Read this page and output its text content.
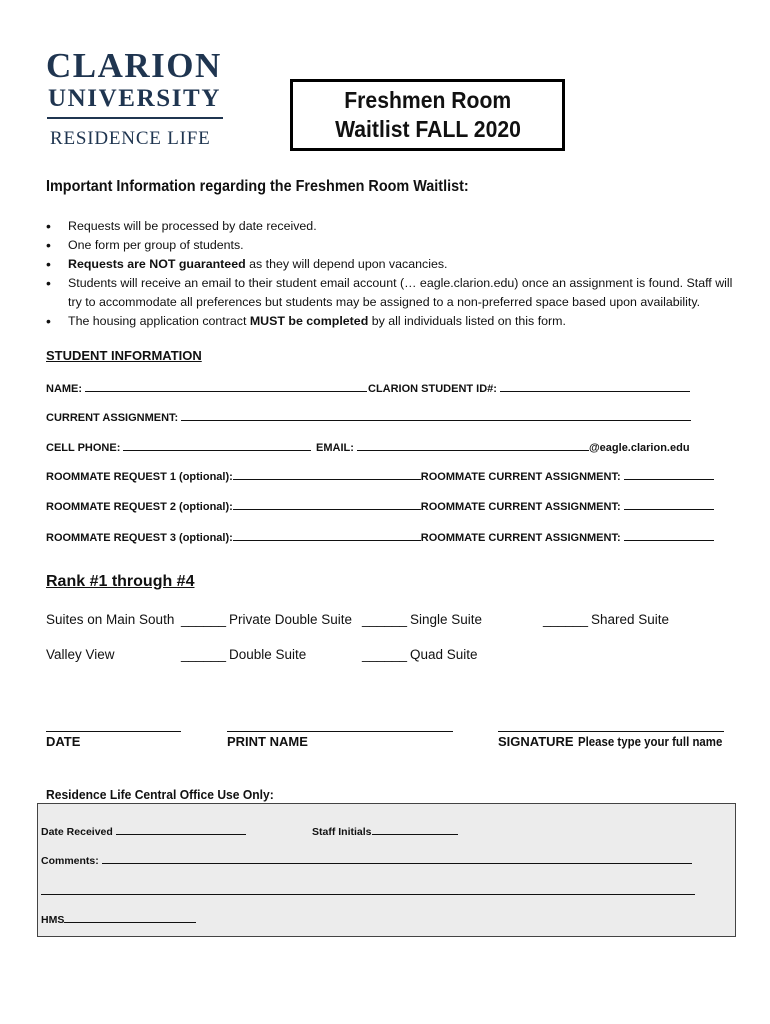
CLARION
UNIVERSITY
RESIDENCE LIFE
Freshmen Room
Waitlist FALL 2020
Important Information regarding the Freshmen Room Waitlist:
• Requests will be processed by date received.
• One form per group of students.
• Requests are NOT guaranteed as they will depend upon vacancies.
• Students will receive an email to their student email account (… eagle.clarion.edu) once an assignment is found. Staff will try to accommodate all preferences but students may be assigned to a non-preferred space based upon availability.
• The housing application contract MUST be completed by all individuals listed on this form.
STUDENT INFORMATION
NAME:	CLARION STUDENT ID#:
CURRENT ASSIGNMENT:
CELL PHONE:	EMAIL:	@eagle.clarion.edu
ROOMMATE REQUEST 1 (optional):	ROOMMATE CURRENT ASSIGNMENT:
ROOMMATE REQUEST 2 (optional):	ROOMMATE CURRENT ASSIGNMENT:
ROOMMATE REQUEST 3 (optional):	ROOMMATE CURRENT ASSIGNMENT:
Rank #1 through #4
Suites on Main South ______ Private Double Suite ______ Single Suite	______ Shared Suite
Valley View	______ Double Suite	______ Quad Suite
DATE	PRINT NAME	SIGNATURE Please type your full name
Residence Life Central Office Use Only:
Date Received	Staff Initials
Comments:
HMS
